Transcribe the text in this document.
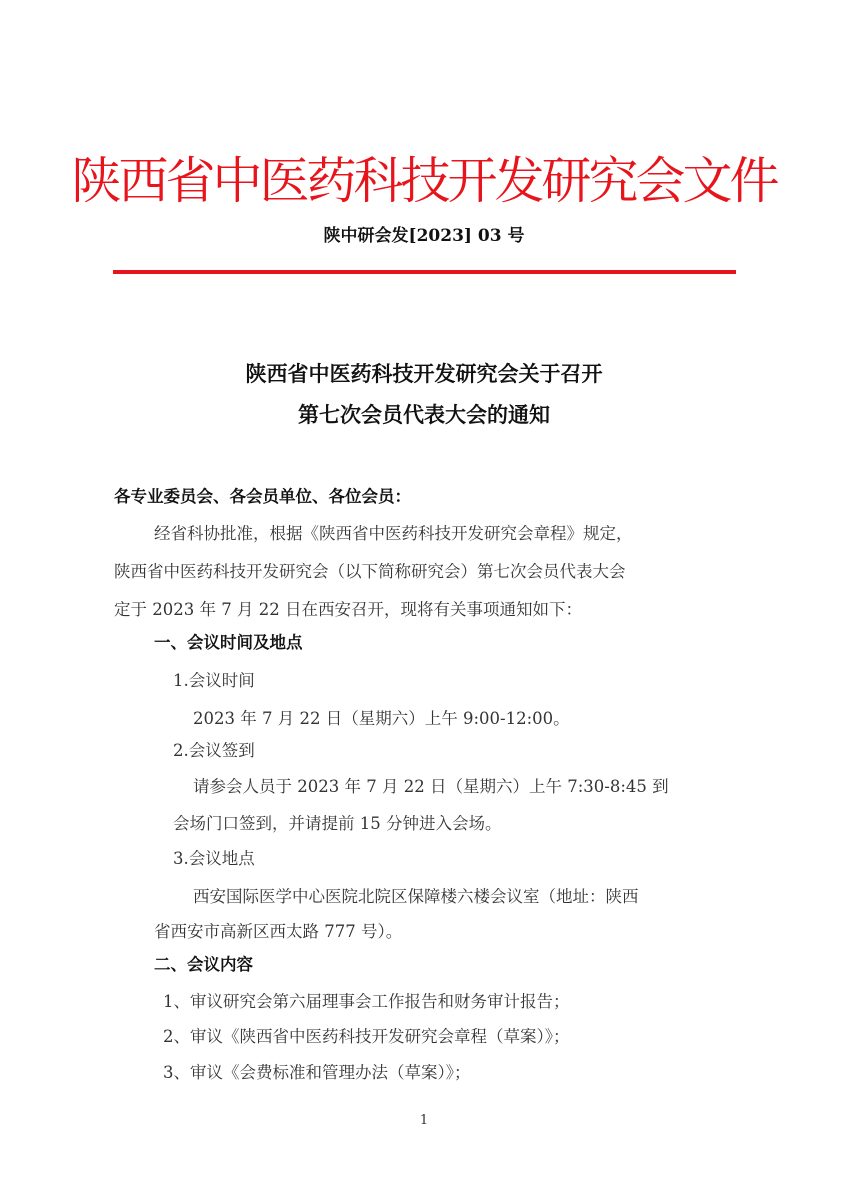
陕西省中医药科技开发研究会文件
陕中研会发[2023] 03 号
陕西省中医药科技开发研究会关于召开
第七次会员代表大会的通知
各专业委员会、各会员单位、各位会员：
经省科协批准，根据《陕西省中医药科技开发研究会章程》规定，
陕西省中医药科技开发研究会（以下简称研究会）第七次会员代表大会
定于 2023 年 7 月 22 日在西安召开，现将有关事项通知如下：
一、会议时间及地点
1.会议时间
2023 年 7 月 22 日（星期六）上午 9:00-12:00。
2.会议签到
请参会人员于 2023 年 7 月 22 日（星期六）上午 7:30-8:45 到
会场门口签到，并请提前 15 分钟进入会场。
3.会议地点
西安国际医学中心医院北院区保障楼六楼会议室（地址：陕西
省西安市高新区西太路 777 号）。
二、会议内容
1、审议研究会第六届理事会工作报告和财务审计报告；
2、审议《陕西省中医药科技开发研究会章程（草案）》；
3、审议《会费标准和管理办法（草案）》；
1
